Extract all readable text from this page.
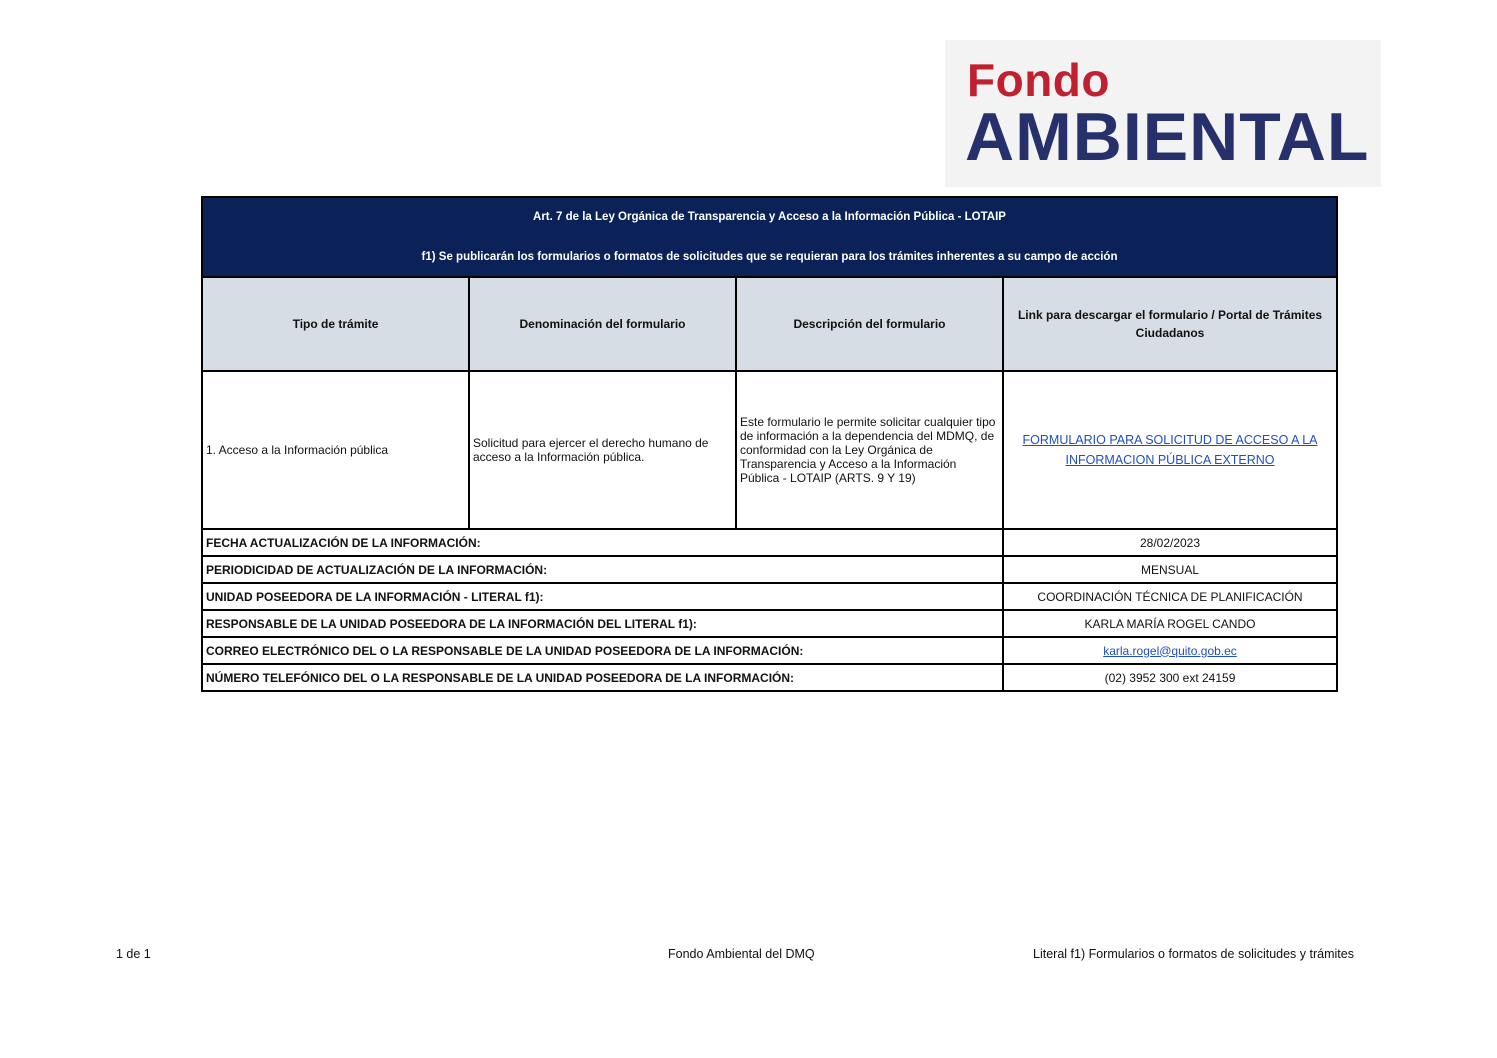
Fondo
AMBIENTAL
Art. 7 de la Ley Orgánica de Transparencia y Acceso a la Información Pública - LOTAIP
f1) Se publicarán los formularios o formatos de solicitudes que se requieran para los trámites inherentes a su campo de acción			

Tipo de trámite	Denominación del formulario	Descripción del formulario	Link para descargar el formulario / Portal de Trámites Ciudadanos
1. Acceso a la Información pública	Solicitud para ejercer el derecho humano de acceso a la Información pública.	Este formulario le permite solicitar cualquier tipo de información a la dependencia del MDMQ, de conformidad con la Ley Orgánica de Transparencia y Acceso a la Información Pública - LOTAIP (ARTS. 9 Y 19)	FORMULARIO PARA SOLICITUD DE ACCESO A LA INFORMACION PÚBLICA EXTERNO
FECHA ACTUALIZACIÓN DE LA INFORMACIÓN:			28/02/2023
PERIODICIDAD DE ACTUALIZACIÓN DE LA INFORMACIÓN:			MENSUAL
UNIDAD POSEEDORA DE LA INFORMACIÓN - LITERAL f1):			COORDINACIÓN TÉCNICA DE PLANIFICACIÓN
RESPONSABLE DE LA UNIDAD POSEEDORA DE LA INFORMACIÓN DEL LITERAL f1):			KARLA MARÍA ROGEL CANDO
CORREO ELECTRÓNICO DEL O LA RESPONSABLE DE LA UNIDAD POSEEDORA DE LA INFORMACIÓN:			karla.rogel@quito.gob.ec
NÚMERO TELEFÓNICO DEL O LA RESPONSABLE DE LA UNIDAD POSEEDORA DE LA INFORMACIÓN:			(02) 3952 300 ext 24159
1 de 1	Fondo Ambiental del DMQ	Literal f1) Formularios o formatos de solicitudes y trámites
